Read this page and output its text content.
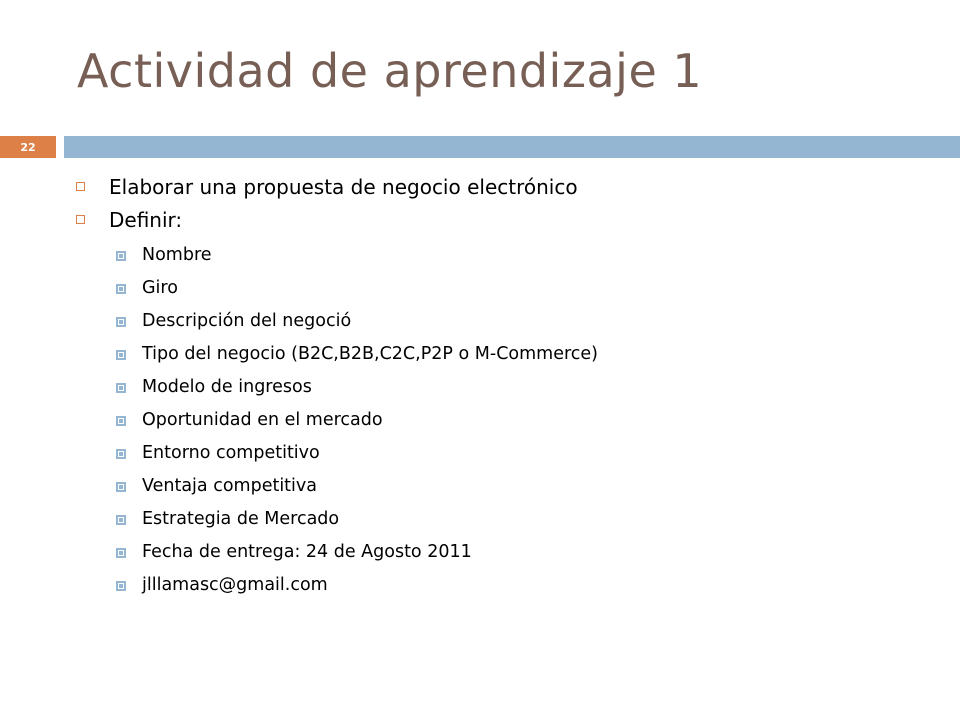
Actividad de aprendizaje 1
22
Elaborar una propuesta de negocio electrónico
Definir:
Nombre
Giro
Descripción del negoció
Tipo del negocio (B2C,B2B,C2C,P2P o M-Commerce)
Modelo de ingresos
Oportunidad en el mercado
Entorno competitivo
Ventaja competitiva
Estrategia de Mercado
Fecha de entrega: 24 de Agosto 2011
jlllamasc@gmail.com
